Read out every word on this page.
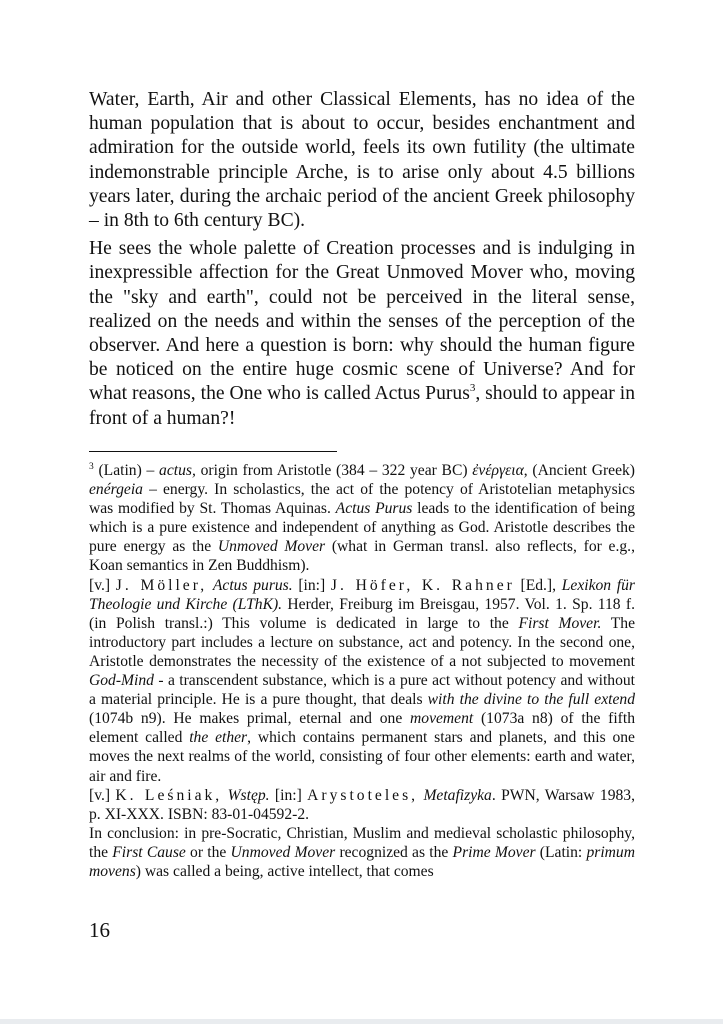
Water, Earth, Air and other Classical Elements, has no idea of the human population that is about to occur, besides enchantment and admiration for the outside world, feels its own futility (the ultimate indemonstrable principle Arche, is to arise only about 4.5 billions years later, during the archaic period of the ancient Greek philosophy – in 8th to 6th century BC).

He sees the whole palette of Creation processes and is indulging in inexpressible affection for the Great Unmoved Mover who, moving the "sky and earth", could not be perceived in the literal sense, realized on the needs and within the senses of the perception of the observer. And here a question is born: why should the human figure be noticed on the entire huge cosmic scene of Universe? And for what reasons, the One who is called Actus Purus$^3$, should to appear in front of a human?!

$^3$ (Latin) – actus, origin from Aristotle (384 – 322 year BC) ἐνέργεια, (Ancient Greek) enérgeia – energy. In scholastics, the act of the potency of Aristotelian metaphysics was modified by St. Thomas Aquinas. Actus Purus leads to the identification of being which is a pure existence and independent of anything as God. Aristotle describes the pure energy as the Unmoved Mover (what in German transl. also reflects, for e.g., Koan semantics in Zen Buddhism).

[v.] J. Möller, Actus purus. [in:] J. Höfer, K. Rahner [Ed.], Lexikon für Theologie und Kirche (LThK). Herder, Freiburg im Breisgau, 1957. Vol. 1. Sp. 118 f. (in Polish transl.:) This volume is dedicated in large to the First Mover. The introductory part includes a lecture on substance, act and potency. In the second one, Aristotle demonstrates the necessity of the existence of a not subjected to movement God-Mind - a transcendent substance, which is a pure act without potency and without a material principle. He is a pure thought, that deals with the divine to the full extend (1074b n9). He makes primal, eternal and one movement (1073a n8) of the fifth element called the ether, which contains permanent stars and planets, and this one moves the next realms of the world, consisting of four other elements: earth and water, air and fire.

[v.] K. Leśniak, Wstęp. [in:] Arystoteles, Metafizyka. PWN, Warsaw 1983, p. XI-XXX. ISBN: 83-01-04592-2.

In conclusion: in pre-Socratic, Christian, Muslim and medieval scholastic philosophy, the First Cause or the Unmoved Mover recognized as the Prime Mover (Latin: primum movens) was called a being, active intellect, that comes

16
